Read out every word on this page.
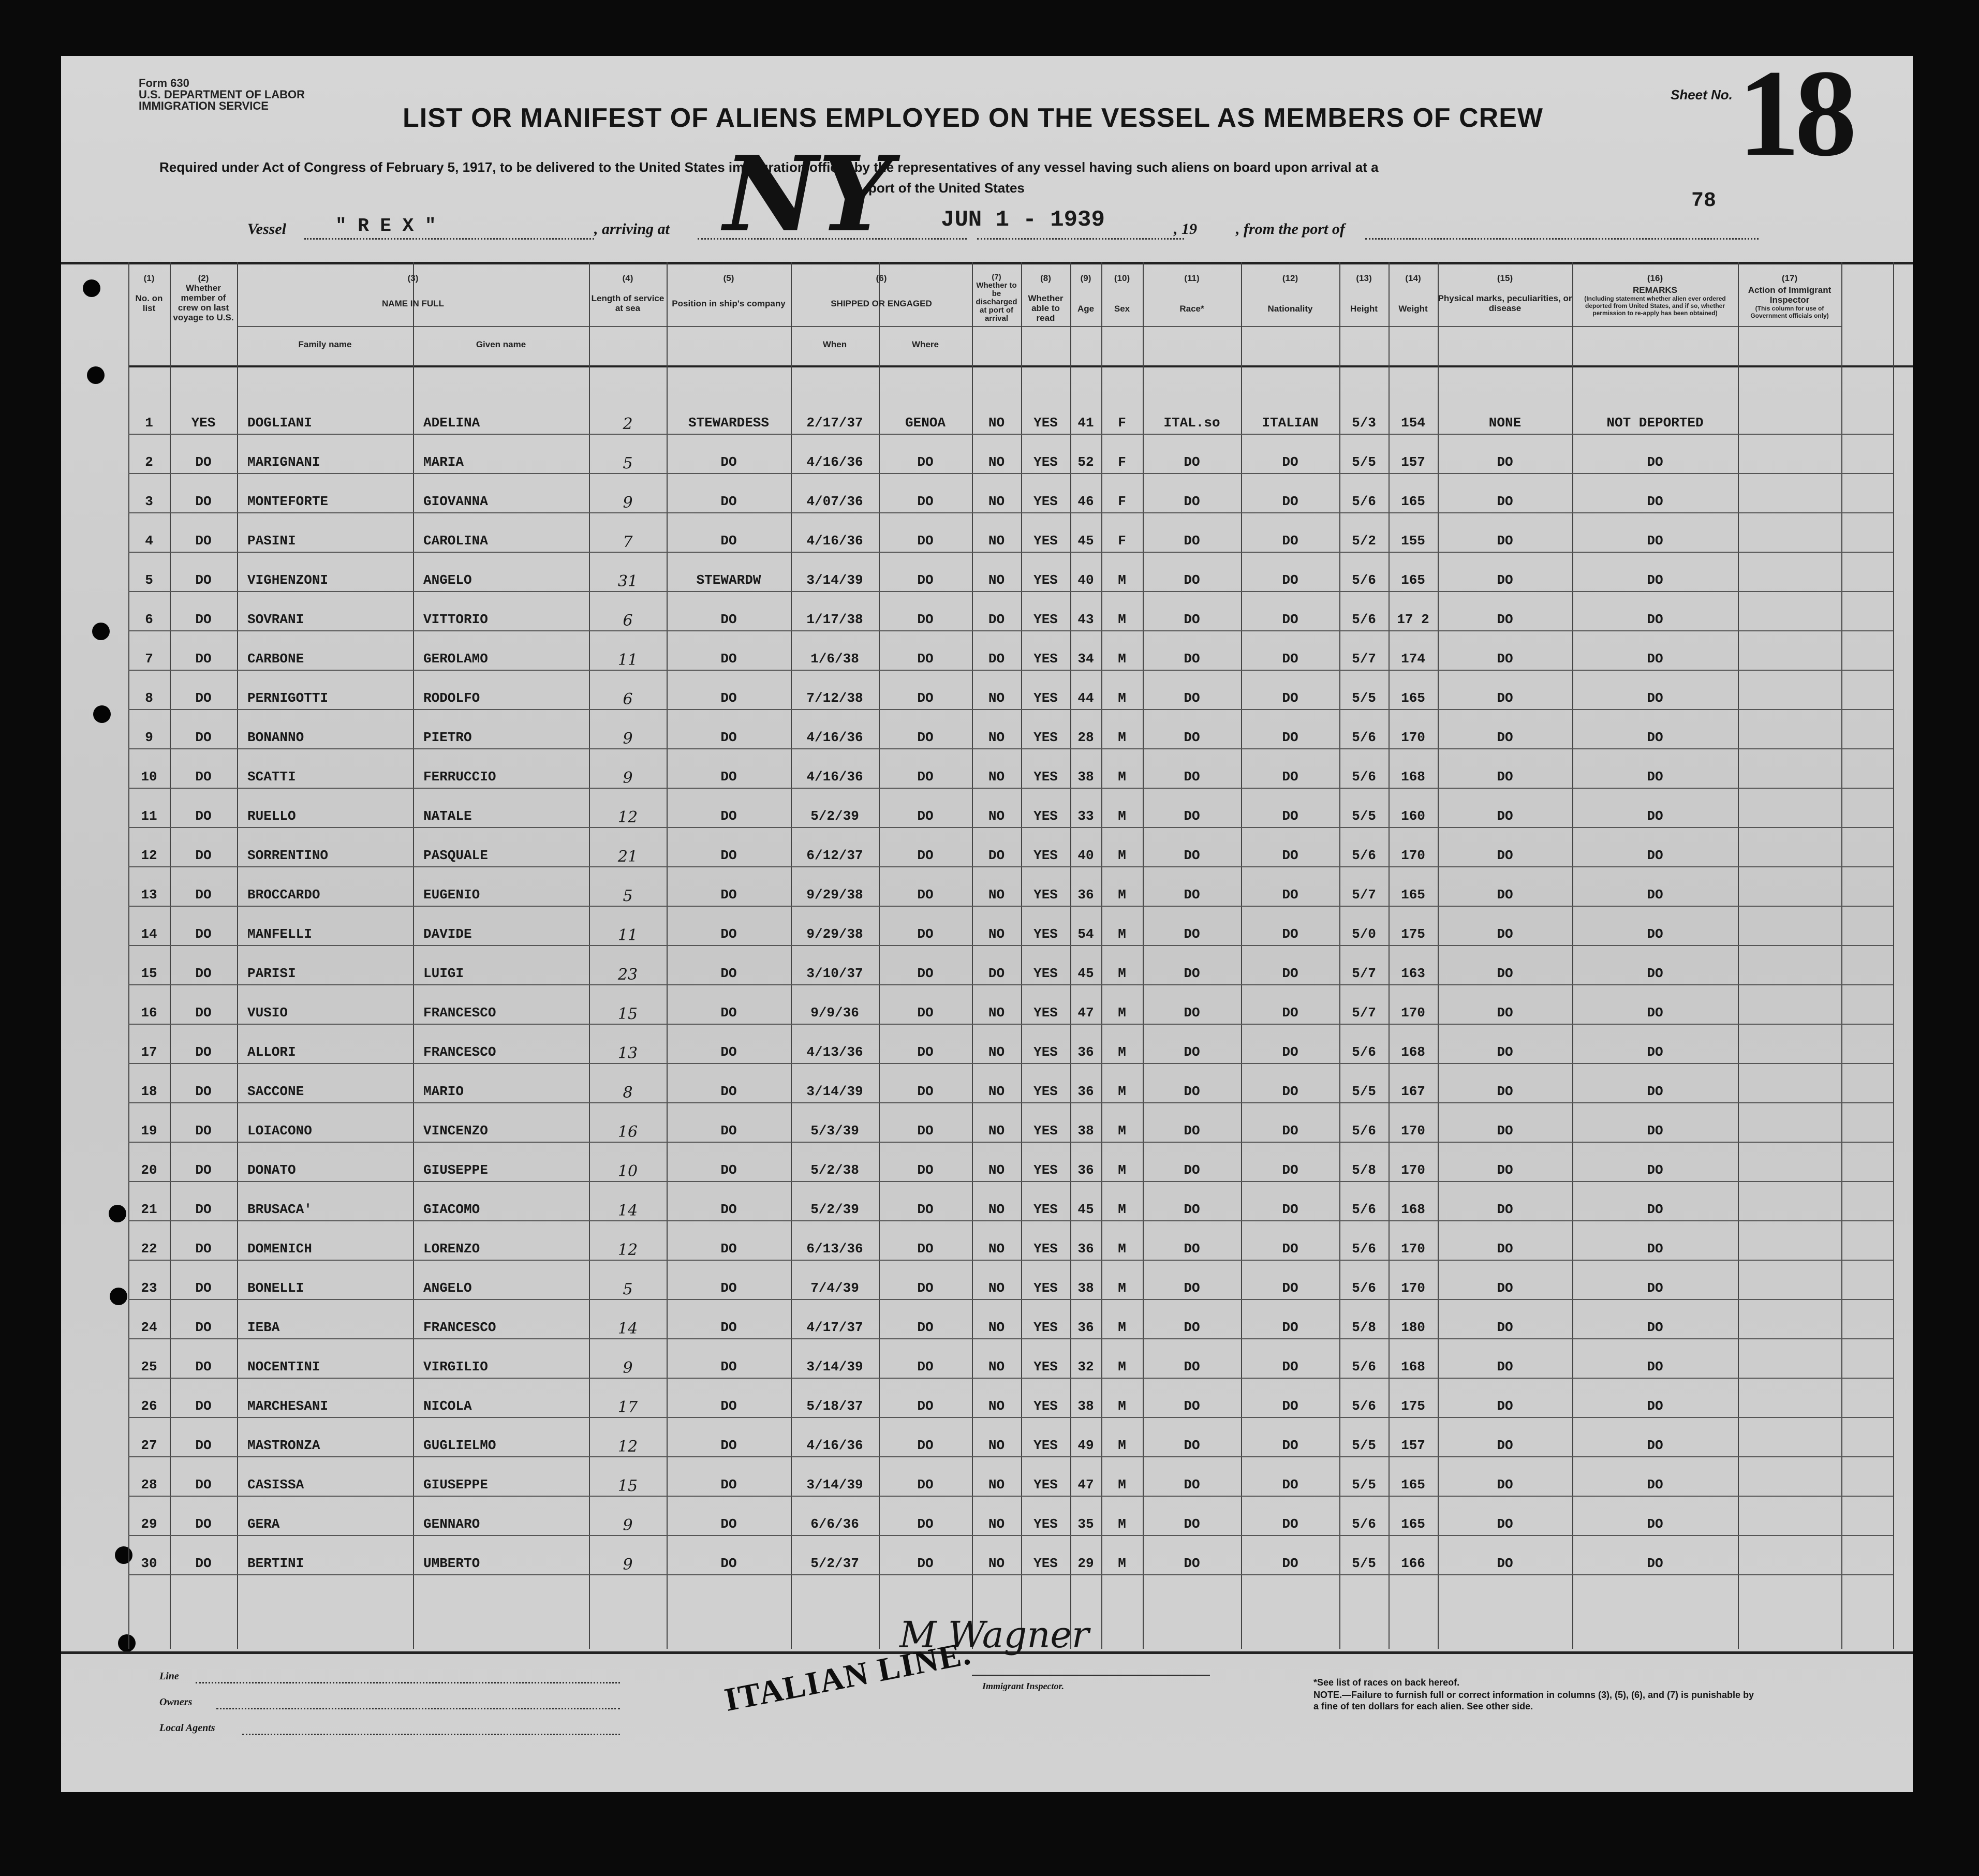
Form 630
U.S. DEPARTMENT OF LABOR
IMMIGRATION SERVICE
Sheet No. 18
LIST OR MANIFEST OF ALIENS EMPLOYED ON THE VESSEL AS MEMBERS OF CREW
Required under Act of Congress of February 5, 1917, to be delivered to the United States immigration officer by the representatives of any vessel having such aliens on board upon arrival at a
port of the United States
78
Vessel	" R E X "	, arriving at NY JUN 1 - 1939	, 19	, from the port of
(1)
No. on list
(2)
Whether member of crew on last voyage to U.S.
(3)
NAME IN FULL
Family name	Given name
(4)
Length of service at sea
(5)
Position in ship's company
(6)
SHIPPED OR ENGAGED
When	Where
(7)
Whether to be discharged at port of arrival
(8)
Whether able to read
(9)
Age
(10)
Sex
(11)
Race*
(12)
Nationality
(13)
Height
(14)
Weight
(15)
Physical marks, peculiarities, or disease
(16)
REMARKS
(Including statement whether alien ever ordered deported from United States, and if so, whether permission to re-apply has been obtained)
(17)
Action of Immigrant Inspector
(This column for use of Government officials only)
1	YES	DOGLIANI	ADELINA	2	STEWARDESS	2/17/37	GENOA	NO	YES	41	F	ITAL.so	ITALIAN	5/3	154	NONE	NOT DEPORTED
2	DO	MARIGNANI	MARIA	5	DO	4/16/36	DO	NO	YES	52	F	DO	DO	5/5	157	DO	DO
3	DO	MONTEFORTE	GIOVANNA	9	DO	4/07/36	DO	NO	YES	46	F	DO	DO	5/6	165	DO	DO
4	DO	PASINI	CAROLINA	7	DO	4/16/36	DO	NO	YES	45	F	DO	DO	5/2	155	DO	DO
5	DO	VIGHENZONI	ANGELO	31	STEWARDW	3/14/39	DO	NO	YES	40	M	DO	DO	5/6	165	DO	DO
6	DO	SOVRANI	VITTORIO	6	DO	1/17/38	DO	DO	YES	43	M	DO	DO	5/6	17 2	DO	DO
7	DO	CARBONE	GEROLAMO	11	DO	1/6/38	DO	DO	YES	34	M	DO	DO	5/7	174	DO	DO
8	DO	PERNIGOTTI	RODOLFO	6	DO	7/12/38	DO	NO	YES	44	M	DO	DO	5/5	165	DO	DO
9	DO	BONANNO	PIETRO	9	DO	4/16/36	DO	NO	YES	28	M	DO	DO	5/6	170	DO	DO
10	DO	SCATTI	FERRUCCIO	9	DO	4/16/36	DO	NO	YES	38	M	DO	DO	5/6	168	DO	DO
11	DO	RUELLO	NATALE	12	DO	5/2/39	DO	NO	YES	33	M	DO	DO	5/5	160	DO	DO
12	DO	SORRENTINO	PASQUALE	21	DO	6/12/37	DO	DO	YES	40	M	DO	DO	5/6	170	DO	DO
13	DO	BROCCARDO	EUGENIO	5	DO	9/29/38	DO	NO	YES	36	M	DO	DO	5/7	165	DO	DO
14	DO	MANFELLI	DAVIDE	11	DO	9/29/38	DO	NO	YES	54	M	DO	DO	5/0	175	DO	DO
15	DO	PARISI	LUIGI	23	DO	3/10/37	DO	DO	YES	45	M	DO	DO	5/7	163	DO	DO
16	DO	VUSIO	FRANCESCO	15	DO	9/9/36	DO	NO	YES	47	M	DO	DO	5/7	170	DO	DO
17	DO	ALLORI	FRANCESCO	13	DO	4/13/36	DO	NO	YES	36	M	DO	DO	5/6	168	DO	DO
18	DO	SACCONE	MARIO	8	DO	3/14/39	DO	NO	YES	36	M	DO	DO	5/5	167	DO	DO
19	DO	LOIACONO	VINCENZO	16	DO	5/3/39	DO	NO	YES	38	M	DO	DO	5/6	170	DO	DO
20	DO	DONATO	GIUSEPPE	10	DO	5/2/38	DO	NO	YES	36	M	DO	DO	5/8	170	DO	DO
21	DO	BRUSACA'	GIACOMO	14	DO	5/2/39	DO	NO	YES	45	M	DO	DO	5/6	168	DO	DO
22	DO	DOMENICH	LORENZO	12	DO	6/13/36	DO	NO	YES	36	M	DO	DO	5/6	170	DO	DO
23	DO	BONELLI	ANGELO	5	DO	7/4/39	DO	NO	YES	38	M	DO	DO	5/6	170	DO	DO
24	DO	IEBA	FRANCESCO	14	DO	4/17/37	DO	NO	YES	36	M	DO	DO	5/8	180	DO	DO
25	DO	NOCENTINI	VIRGILIO	9	DO	3/14/39	DO	NO	YES	32	M	DO	DO	5/6	168	DO	DO
26	DO	MARCHESANI	NICOLA	17	DO	5/18/37	DO	NO	YES	38	M	DO	DO	5/6	175	DO	DO
27	DO	MASTRONZA	GUGLIELMO	12	DO	4/16/36	DO	NO	YES	49	M	DO	DO	5/5	157	DO	DO
28	DO	CASISSA	GIUSEPPE	15	DO	3/14/39	DO	NO	YES	47	M	DO	DO	5/5	165	DO	DO
29	DO	GERA	GENNARO	9	DO	6/6/36	DO	NO	YES	35	M	DO	DO	5/6	165	DO	DO
30	DO	BERTINI	UMBERTO	9	DO	5/2/37	DO	NO	YES	29	M	DO	DO	5/5	166	DO	DO
Line
Owners
Local Agents
ITALIAN LINE.
M Wagner
Immigrant Inspector.	*See list of races on back hereof.
NOTE.—Failure to furnish full or correct information in columns (3), (5), (6), and (7) is punishable by a fine of ten dollars for each alien. See other side.
